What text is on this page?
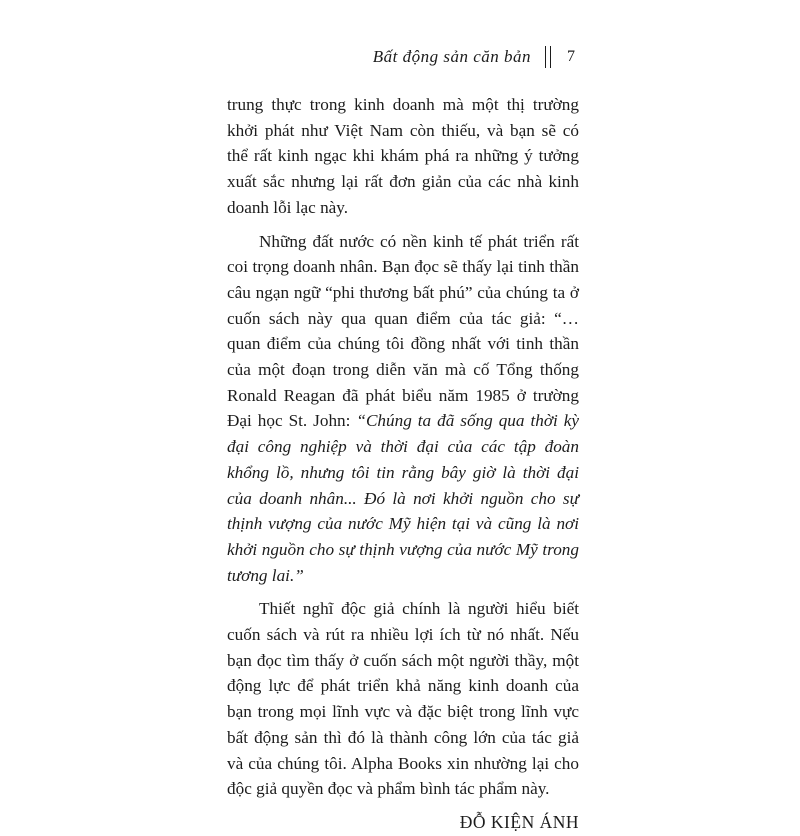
Bất động sản căn bản 7

trung thực trong kinh doanh mà một thị trường khởi phát như Việt Nam còn thiếu, và bạn sẽ có thể rất kinh ngạc khi khám phá ra những ý tưởng xuất sắc nhưng lại rất đơn giản của các nhà kinh doanh lỗi lạc này.

Những đất nước có nền kinh tế phát triển rất coi trọng doanh nhân. Bạn đọc sẽ thấy lại tinh thần câu ngạn ngữ “phi thương bất phú” của chúng ta ở cuốn sách này qua quan điểm của tác giả: “… quan điểm của chúng tôi đồng nhất với tinh thần của một đoạn trong diễn văn mà cố Tổng thống Ronald Reagan đã phát biểu năm 1985 ở trường Đại học St. John: “Chúng ta đã sống qua thời kỳ đại công nghiệp và thời đại của các tập đoàn khổng lồ, nhưng tôi tin rằng bây giờ là thời đại của doanh nhân... Đó là nơi khởi nguồn cho sự thịnh vượng của nước Mỹ hiện tại và cũng là nơi khởi nguồn cho sự thịnh vượng của nước Mỹ trong tương lai.”

Thiết nghĩ độc giả chính là người hiểu biết cuốn sách và rút ra nhiều lợi ích từ nó nhất. Nếu bạn đọc tìm thấy ở cuốn sách một người thầy, một động lực để phát triển khả năng kinh doanh của bạn trong mọi lĩnh vực và đặc biệt trong lĩnh vực bất động sản thì đó là thành công lớn của tác giả và của chúng tôi. Alpha Books xin nhường lại cho độc giả quyền đọc và phẩm bình tác phẩm này.

ĐỖ KIỆN ÁNH
